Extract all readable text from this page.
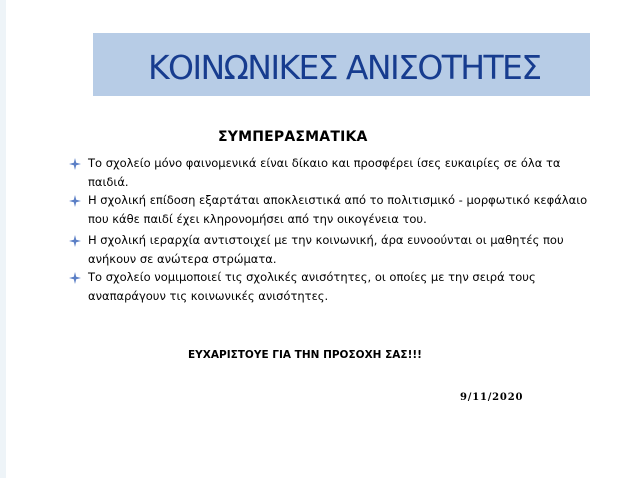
ΚΟΙΝΩΝΙΚΕΣ ΑΝΙΣΟΤΗΤΕΣ
ΣΥΜΠΕΡΑΣΜΑΤΙΚΑ
Το σχολείο μόνο φαινομενικά είναι δίκαιο και προσφέρει ίσες ευκαιρίες σε όλα τα παιδιά.
Η σχολική επίδοση εξαρτάται αποκλειστικά από το πολιτισμικό - μορφωτικό κεφάλαιο που κάθε παιδί έχει κληρονομήσει από την οικογένεια του.
Η σχολική ιεραρχία αντιστοιχεί με την κοινωνική, άρα ευνοούνται οι μαθητές που ανήκουν σε ανώτερα στρώματα.
Το σχολείο νομιμοποιεί τις σχολικές ανισότητες, οι οποίες με την σειρά τους αναπαράγουν τις κοινωνικές ανισότητες.

ΕΥΧΑΡΙΣΤΟΥΕ ΓΙΑ ΤΗΝ ΠΡΟΣΟΧΗ ΣΑΣ!!!

9/11/2020
